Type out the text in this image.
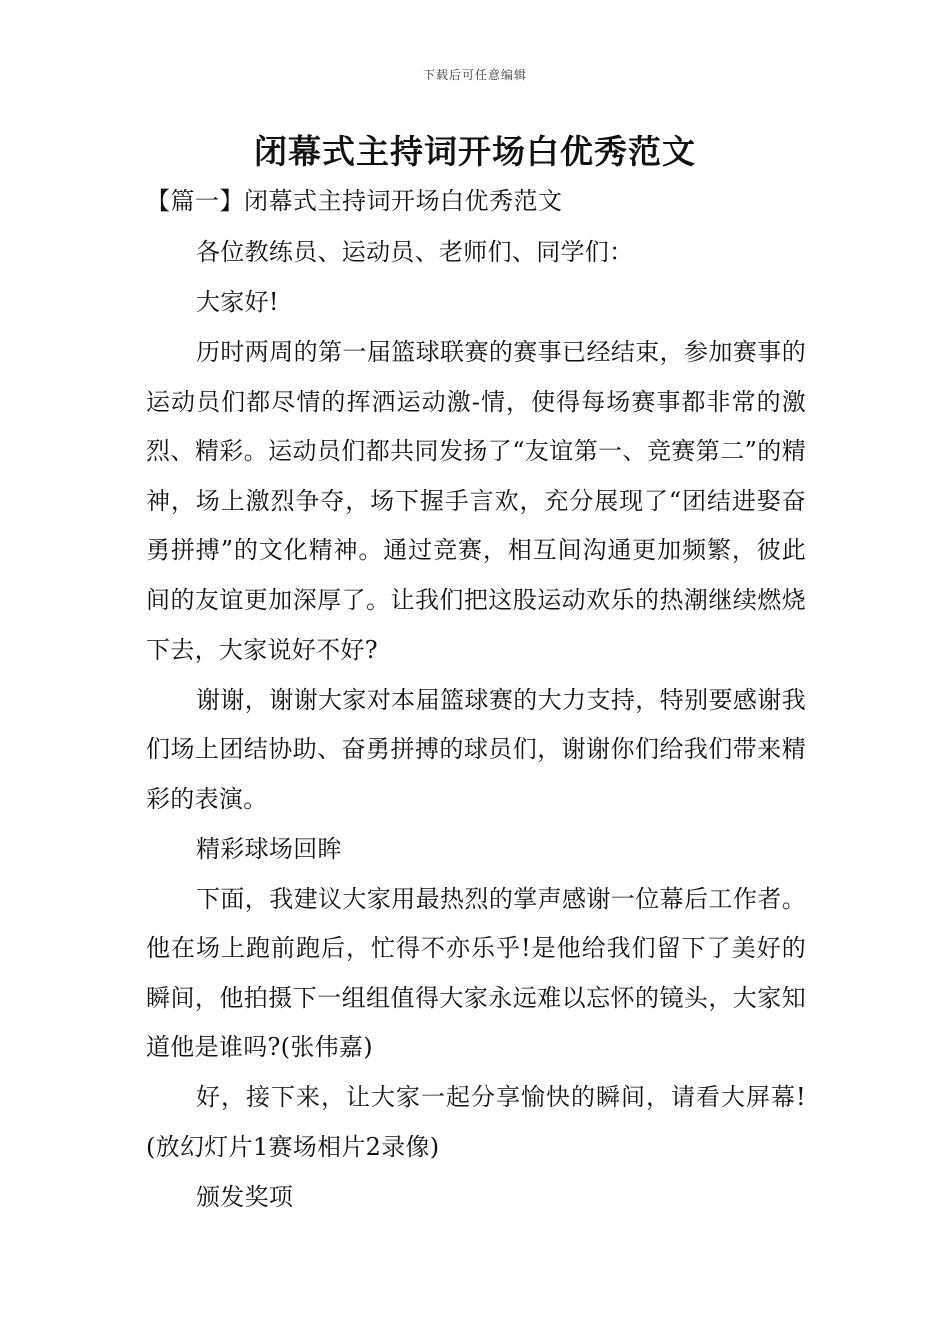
下载后可任意编辑
闭幕式主持词开场白优秀范文
【篇一】闭幕式主持词开场白优秀范文

各位教练员、运动员、老师们、同学们：

大家好!

历时两周的第一届篮球联赛的赛事已经结束，参加赛事的运动员们都尽情的挥洒运动激-情，使得每场赛事都非常的激烈、精彩。运动员们都共同发扬了“友谊第一、竞赛第二”的精神，场上激烈争夺，场下握手言欢，充分展现了“团结进娶奋勇拼搏”的文化精神。通过竞赛，相互间沟通更加频繁，彼此间的友谊更加深厚了。让我们把这股运动欢乐的热潮继续燃烧下去，大家说好不好?

谢谢，谢谢大家对本届篮球赛的大力支持，特别要感谢我们场上团结协助、奋勇拼搏的球员们，谢谢你们给我们带来精彩的表演。

精彩球场回眸

下面，我建议大家用最热烈的掌声感谢一位幕后工作者。他在场上跑前跑后，忙得不亦乐乎!是他给我们留下了美好的瞬间，他拍摄下一组组值得大家永远难以忘怀的镜头，大家知道他是谁吗?(张伟嘉)

好，接下来，让大家一起分享愉快的瞬间，请看大屏幕!(放幻灯片1赛场相片2录像)

颁发奖项
